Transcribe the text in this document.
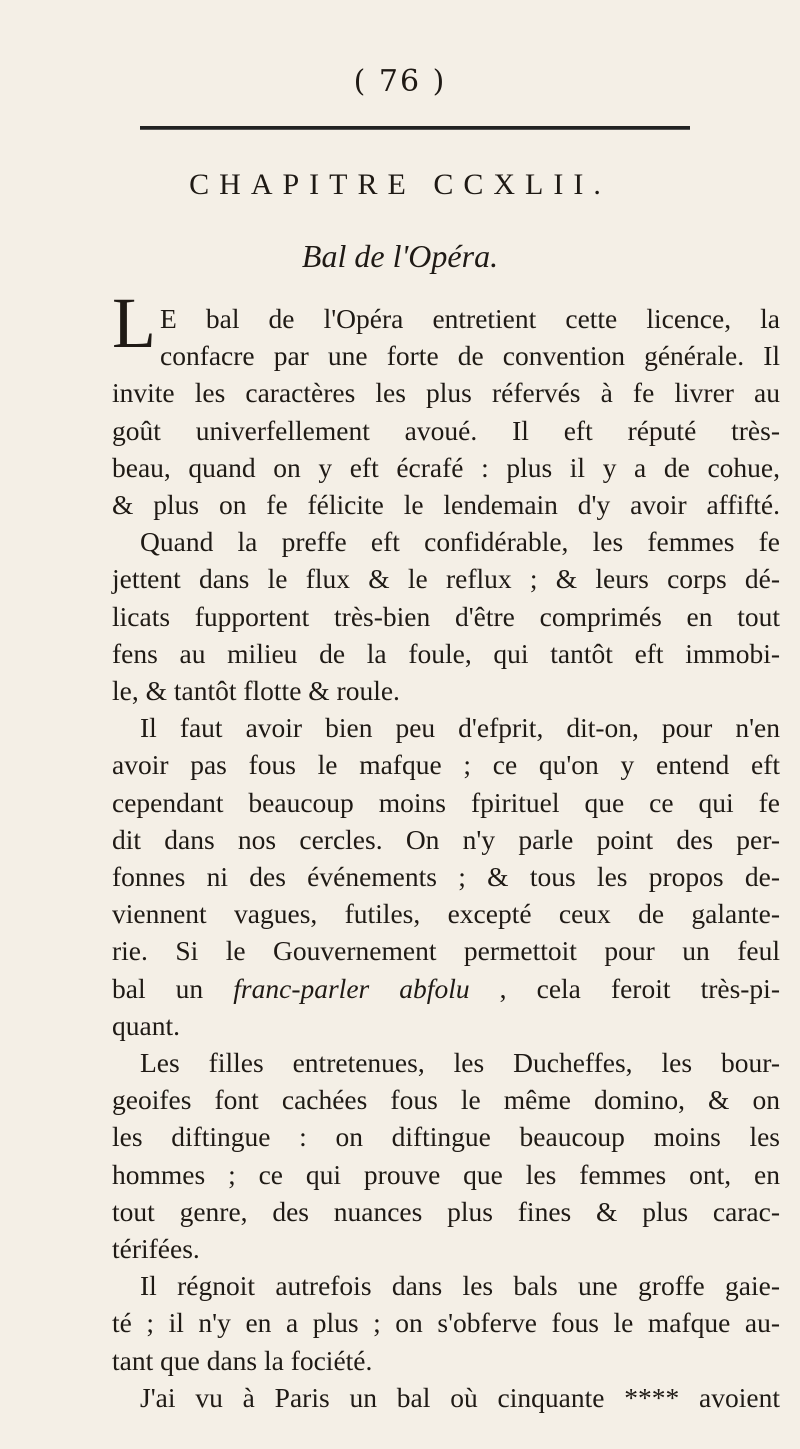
( 76 )
CHAPITRE CCXLII.
Bal de l'Opéra.
L E bal de l'Opéra entretient cette licence, la
confacre par une forte de convention générale. Il
invite les caractères les plus réfervés à fe livrer au
goût univerfellement avoué. Il eft réputé très-
beau, quand on y eft écrafé : plus il y a de cohue,
& plus on fe félicite le lendemain d'y avoir affifté.
Quand la preffe eft confidérable, les femmes fe
jettent dans le flux & le reflux ; & leurs corps dé-
licats fupportent très-bien d'être comprimés en tout
fens au milieu de la foule, qui tantôt eft immobi-
le, & tantôt flotte & roule.
Il faut avoir bien peu d'efprit, dit-on, pour n'en
avoir pas fous le mafque ; ce qu'on y entend eft
cependant beaucoup moins fpirituel que ce qui fe
dit dans nos cercles. On n'y parle point des per-
fonnes ni des événements ; & tous les propos de-
viennent vagues, futiles, excepté ceux de galante-
rie. Si le Gouvernement permettoit pour un feul
bal un franc-parler abfolu , cela feroit très-pi-
quant.
Les filles entretenues, les Ducheffes, les bour-
geoifes font cachées fous le même domino, & on
les diftingue : on diftingue beaucoup moins les
hommes ; ce qui prouve que les femmes ont, en
tout genre, des nuances plus fines & plus carac-
térifées.
Il régnoit autrefois dans les bals une groffe gaie-
té ; il n'y en a plus ; on s'obferve fous le mafque au-
tant que dans la fociété.
J'ai vu à Paris un bal où cinquante **** avoient
